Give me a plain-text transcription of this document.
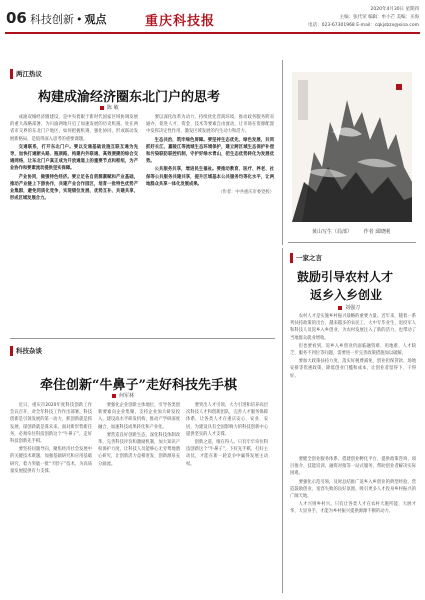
06 科技创新 • 观点	重庆科技报
2020年4月30日 星期四
主编：张代荣 编辑：牟小芒 美编：买海
电话：023-67301968 E-mail：cqkjsbzx@sina.com
两江热议
构建成渝经济圈东北门户的思考
陈 敏

成渝双城经济圈建设，是中央着眼于新时代国家区域协调发展的重大战略部署，为川渝两地开启了加速发展的历史机遇。处在两省市交界的东北门户地区，如何把握机遇、强化协同，形成联动发展新格局，是值得深入思考的重要课题。

交通联系，打开东北门户。要以交通基础设施互联互通为先导，加快打通断头路、瓶颈路，构建内外联通、高效便捷的综合交通网络，让东北门户真正成为开放通道上的重要节点和枢纽，为产业协作和要素流动提供坚实保障。

产业协同，做强特色经济。要立足各自资源禀赋和产业基础，推动产业链上下游协作，共建产业合作园区，培育一批特色优势产业集群，避免同质化竞争，实现错位发展、优势互补、共建共享，形成区域发展合力。

要以深化改革为动力，持续优化营商环境，推动政务服务跨省通办，促进人才、资金、技术等要素自由流动，让市场在资源配置中发挥决定性作用，激发区域发展的内生动力和活力。

生态共治，筑牢绿色屏障。要坚持生态优先、绿色发展，共同抓好长江、嘉陵江等流域生态环境保护，建立跨区域生态保护补偿和污染联防联控机制，守护好绿水青山，把生态优势转化为发展优势。

公共服务共享，增进民生福祉。要推动教育、医疗、养老、社保等公共服务共建共享，提升区域基本公共服务均等化水平，让两地群众共享一体化发展成果。

（作者：中共重庆市委党校）

黄山写生（局部） 作者 邱晓刚
科技杂谈
牵住创新“牛鼻子”走好科技先手棋
何军林

近日，重庆市2020年度科技创新工作会议召开，对全年科技工作作出部署。科技创新是引领发展的第一动力，抓创新就是抓发展，谋创新就是谋未来。面对新形势新任务，必须牵住科技创新这个“牛鼻子”，走好科技创新先手棋。

要坚持问题导向，聚焦经济社会发展中的关键技术难题，加强基础研究和应用基础研究，着力突破一批“卡脖子”技术，为高质量发展提供有力支撑。

要强化企业创新主体地位，引导各类创新要素向企业集聚，支持企业加大研发投入，建设高水平研发机构，推动产学研深度融合，加速科技成果转化和产业化。

要营造良好创新生态，深化科技体制改革，完善科技评价和激励机制，加大知识产权保护力度，让科技人员能够心无旁骛地潜心研究，让创新活力竞相迸发、创新源泉充分涌流。

要突出人才引领，大力引进和培养高层次科技人才和创新团队，完善人才服务保障体系，让各类人才在重庆安心、安业、安居，为建设具有全国影响力的科技创新中心提供坚实的人才支撑。

创新之道，唯在得人。只有牢牢牵住科技创新这个“牛鼻子”，下好先手棋、打好主动仗，才能在新一轮竞争中赢得发展主动权。

一家之言
鼓励引导农村人才
返乡入乡创业
刘强刀

农村人才是实施乡村振兴战略的重要力量。近年来，随着一系列扶持政策的出台，越来越多的农民工、大中专毕业生、退役军人和科技人员返乡入乡创业，为农村发展注入了新的活力，也带动了当地群众就业增收。

但也要看到，返乡入乡创业仍面临融资难、用地难、人才缺乏、服务不到位等问题，需要进一步完善政策措施加以破解。

要加大政策扶持力度，落实好税费减免、创业担保贷款、场地安排等优惠政策，降低创业门槛和成本，让创业者留得下、干得好。

要健全创业服务体系，搭建创业孵化平台，提供政策咨询、项目推介、技能培训、融资对接等一站式服务，帮助创业者解决实际困难。

要强化示范引领，及时总结推广返乡入乡创业的典型经验，营造鼓励创业、宽容失败的良好氛围，吸引更多人才投身乡村振兴的广阔天地。

人才兴则乡村兴。只有让各类人才在农村大施所能、大展才华、大显身手，才能为乡村振兴提供源源不断的动力。
